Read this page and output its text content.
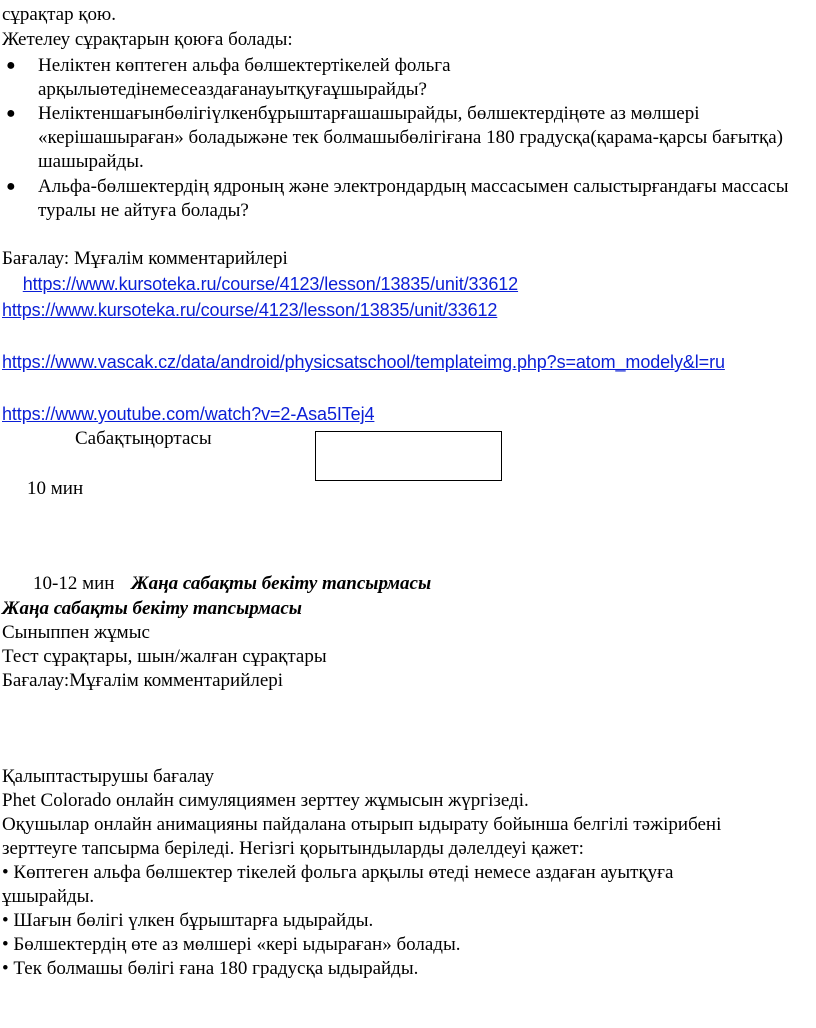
сұрақтар қою.
Жетелеу сұрақтарын қоюға болады:
● Неліктен көптеген альфа бөлшектертікелей фольга арқылыөтедінемесеаздағанауытқуғаұшырайды?
● Неліктеншағынбөлігіүлкенбұрыштарғашашырайды, бөлшектердіңөте аз мөлшері «керішашыраған» боладыжәне тек болмашыбөлігіғана 180 градусқа(қарама-қарсы бағытқа) шашырайды.
● Альфа-бөлшектердің ядроның және электрондардың массасымен салыстырғандағы массасы туралы не айтуға болады?
Бағалау: Мұғалім комментарийлері
https://www.kursoteka.ru/course/4123/lesson/13835/unit/33612
https://www.kursoteka.ru/course/4123/lesson/13835/unit/33612
https://www.vascak.cz/data/android/physicsatschool/templateimg.php?s=atom_modely&l=ru
https://www.youtube.com/watch?v=2-Asa5ITej4
Сабақтыңортасы
10 мин
10-12 мин Жаңа сабақты бекіту тапсырмасы
Жаңа сабақты бекіту тапсырмасы
Сыныппен жұмыс
Тест сұрақтары, шын/жалған сұрақтары
Бағалау:Мұғалім комментарийлері
Қалыптастырушы бағалау
Phet Colorado онлайн симуляциямен зерттеу жұмысын жүргізеді.
Оқушылар онлайн анимацияны пайдалана отырып ыдырату бойынша белгілі тәжірибені
зерттеуге тапсырма беріледі. Негізгі қорытындыларды дәлелдеуі қажет:
• Көптеген альфа бөлшектер тікелей фольга арқылы өтеді немесе аздаған ауытқуға
ұшырайды.
• Шағын бөлігі үлкен бұрыштарға ыдырайды.
• Бөлшектердің өте аз мөлшері «кері ыдыраған» болады.
• Тек болмашы бөлігі ғана 180 градусқа ыдырайды.
